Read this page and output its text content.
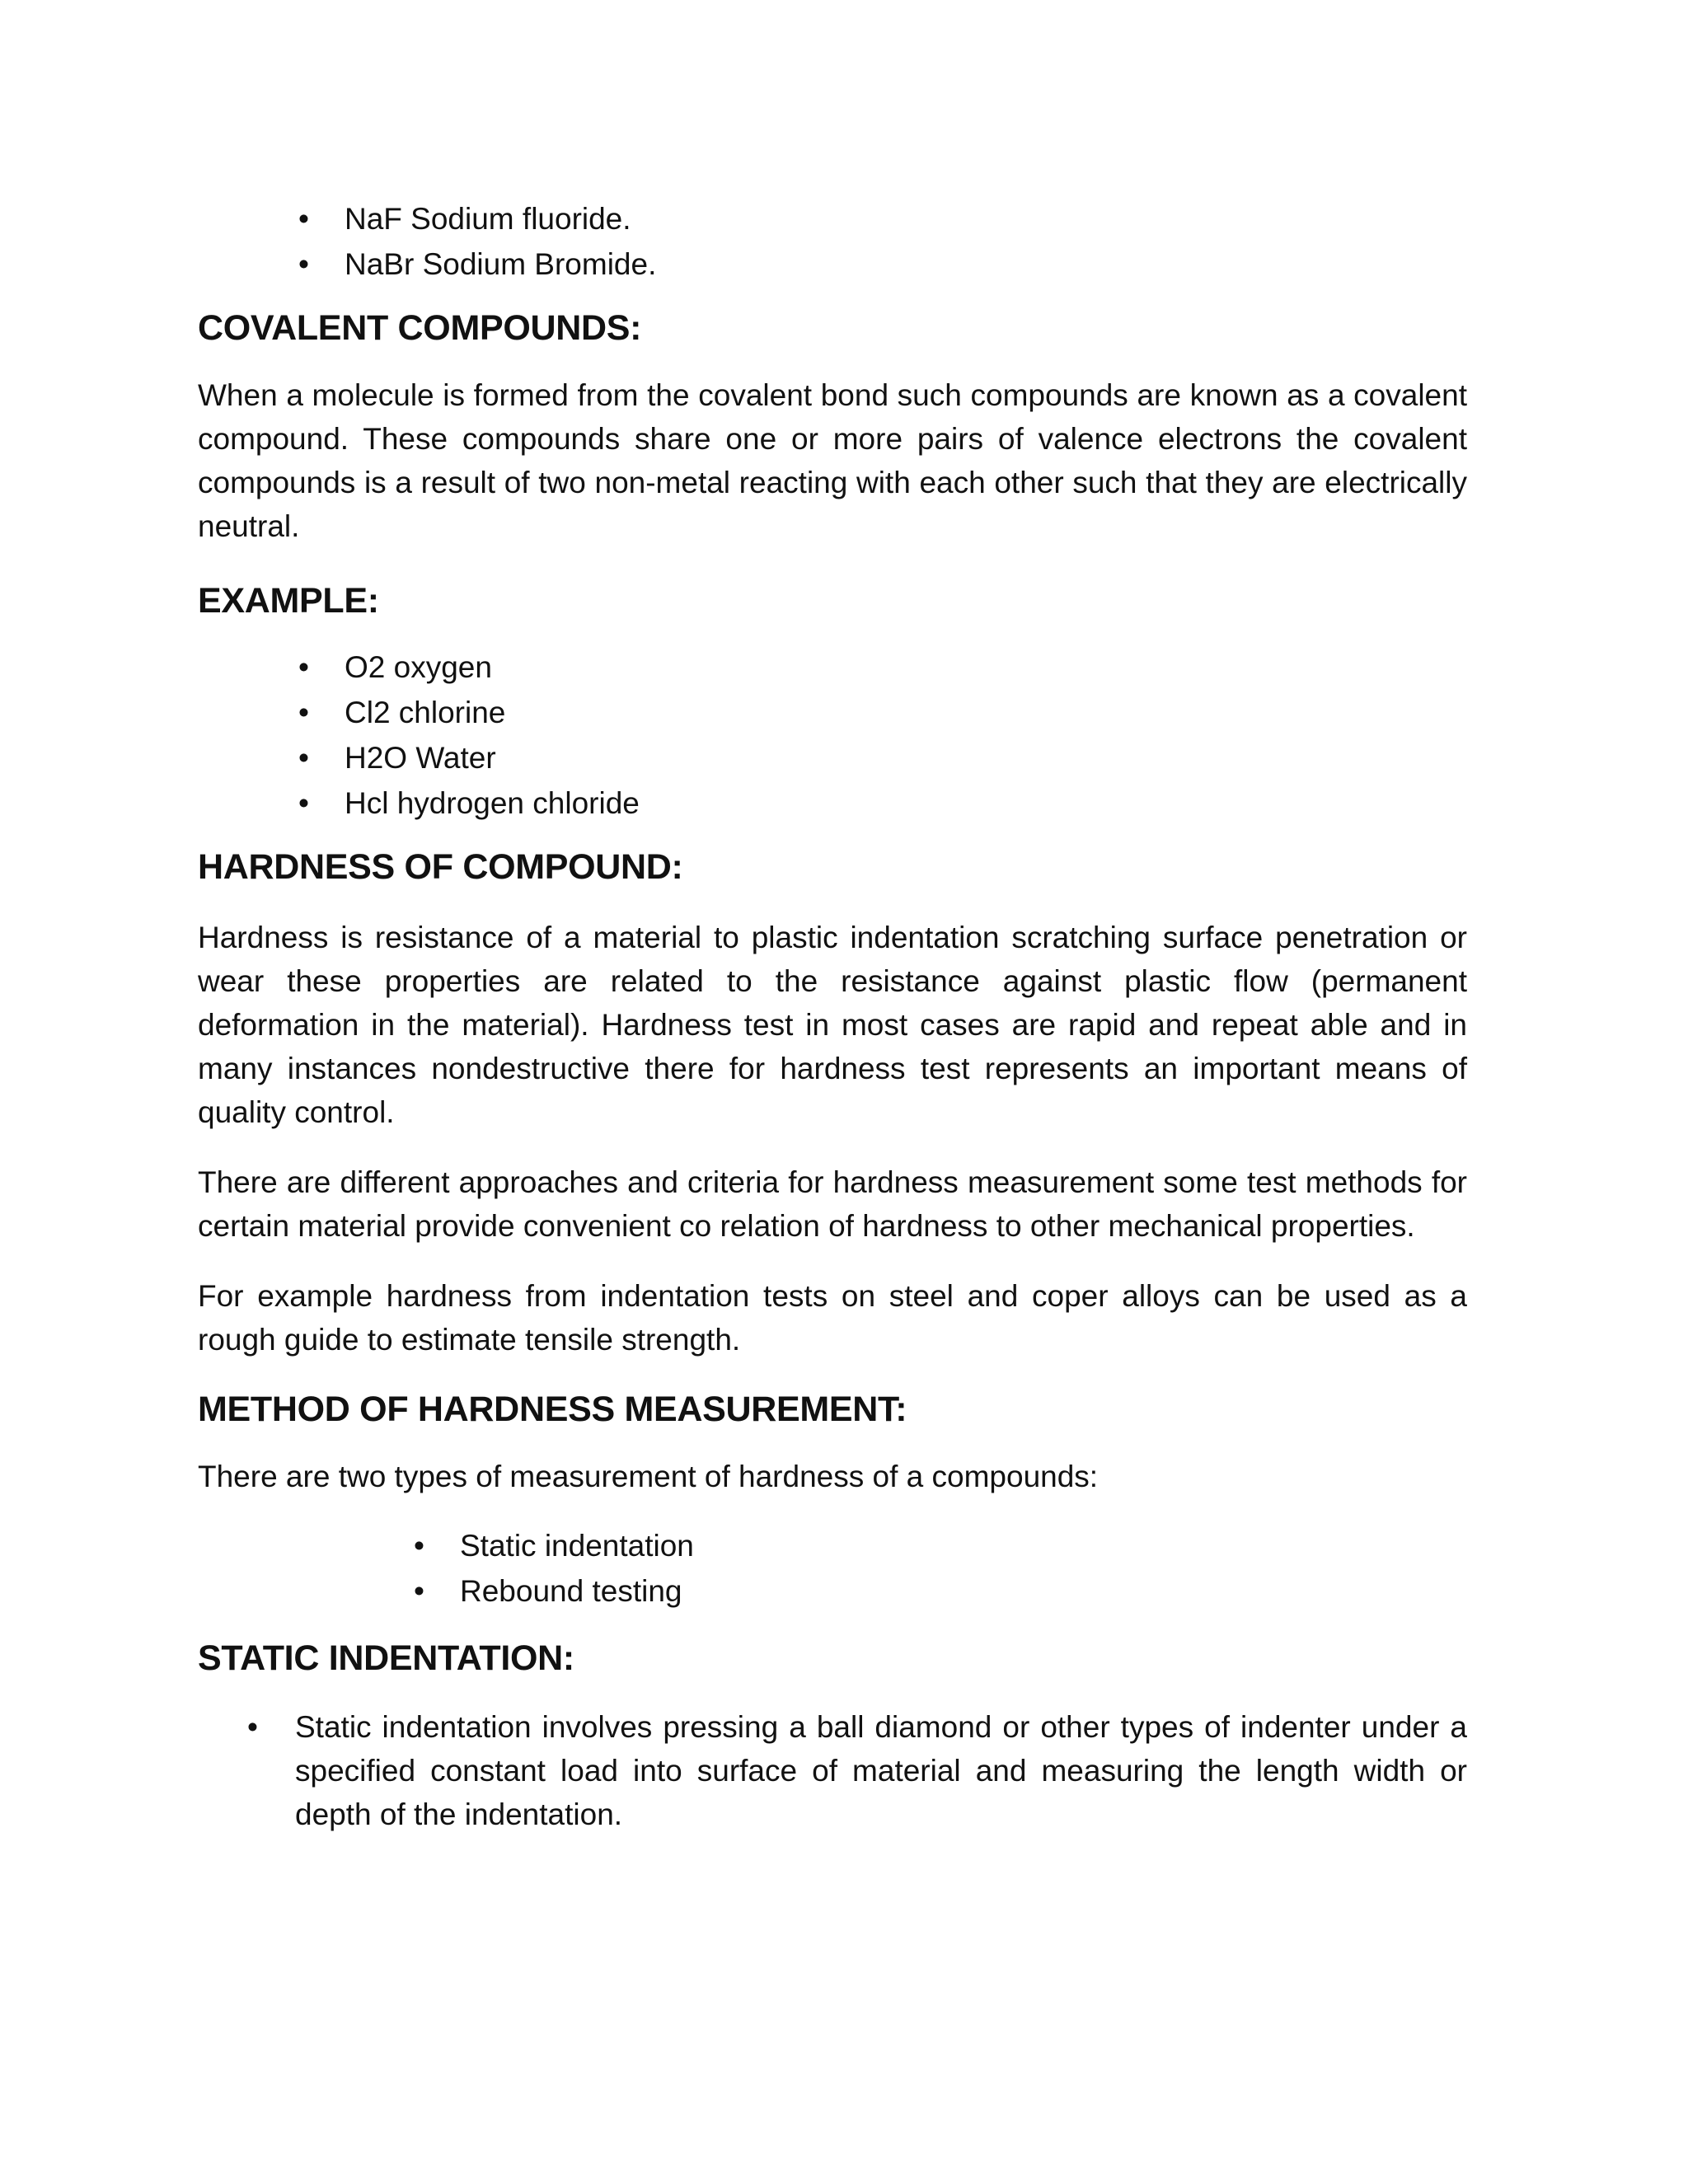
• NaF Sodium fluoride.
• NaBr Sodium Bromide.
COVALENT COMPOUNDS:

When a molecule is formed from the covalent bond such compounds are known as a covalent compound. These compounds share one or more pairs of valence electrons the covalent compounds is a result of two non-metal reacting with each other such that they are electrically neutral.

EXAMPLE:
• O2 oxygen
• Cl2 chlorine
• H2O Water
• Hcl hydrogen chloride
HARDNESS OF COMPOUND:

Hardness is resistance of a material to plastic indentation scratching surface penetration or wear these properties are related to the resistance against plastic flow (permanent deformation in the material). Hardness test in most cases are rapid and repeat able and in many instances nondestructive there for hardness test represents an important means of quality control.

There are different approaches and criteria for hardness measurement some test methods for certain material provide convenient co relation of hardness to other mechanical properties.

For example hardness from indentation tests on steel and coper alloys can be used as a rough guide to estimate tensile strength.

METHOD OF HARDNESS MEASUREMENT:

There are two types of measurement of hardness of a compounds:

• Static indentation
• Rebound testing
STATIC INDENTATION:
• Static indentation involves pressing a ball diamond or other types of indenter under a specified constant load into surface of material and measuring the length width or depth of the indentation.
